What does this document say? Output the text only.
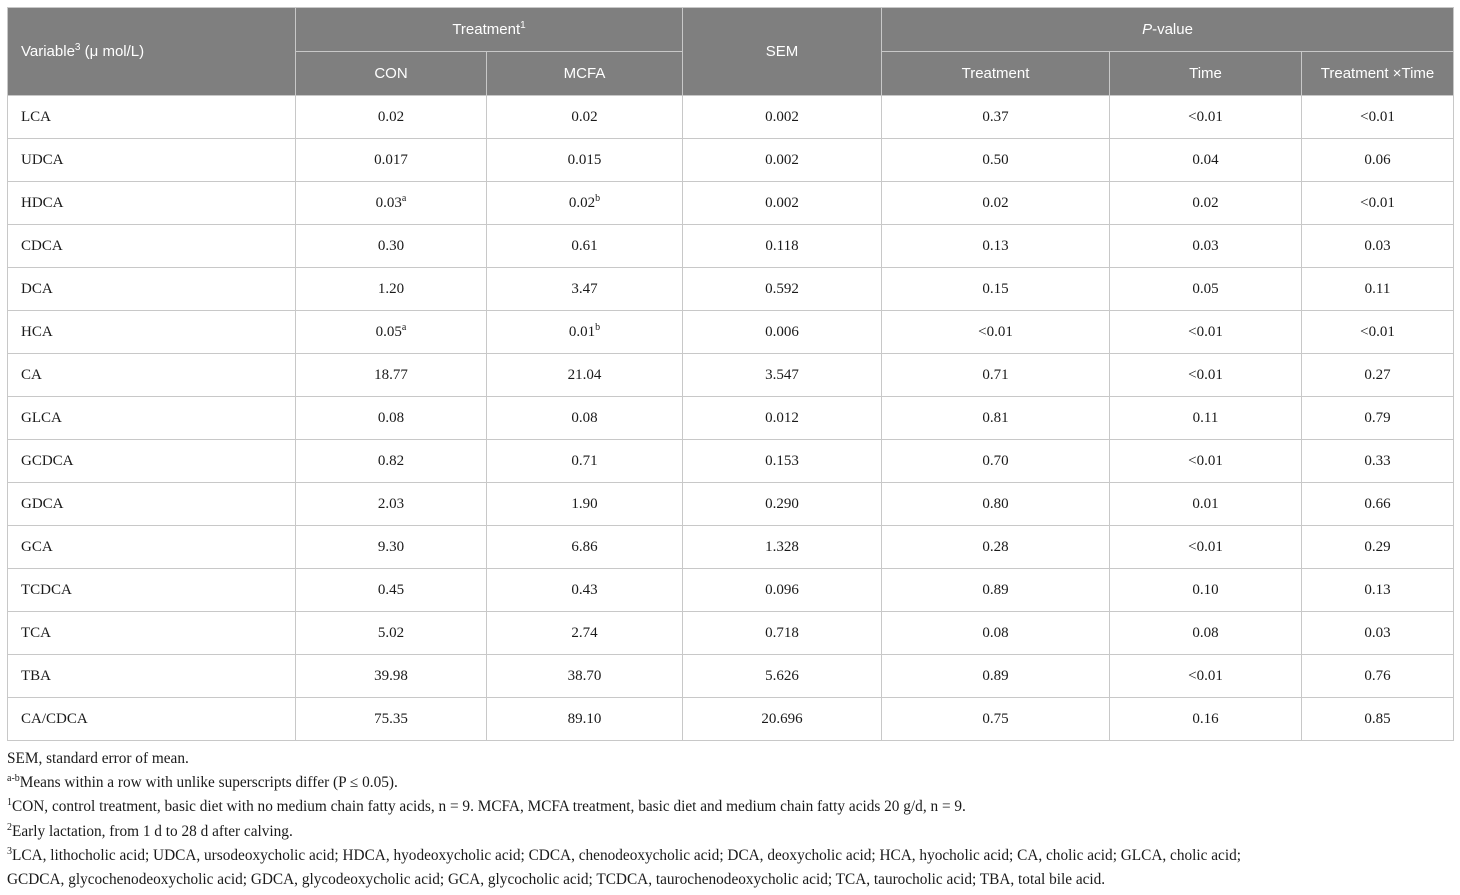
Variable$^3$ (μ mol/L)	Treatment$^1$		SEM	P-value		
	CON	MCFA		Treatment	Time	Treatment ×Time
LCA	0.02	0.02	0.002	0.37	<0.01	<0.01
UDCA	0.017	0.015	0.002	0.50	0.04	0.06
HDCA	0.03$^a$	0.02$^b$	0.002	0.02	0.02	<0.01
CDCA	0.30	0.61	0.118	0.13	0.03	0.03
DCA	1.20	3.47	0.592	0.15	0.05	0.11
HCA	0.05$^a$	0.01$^b$	0.006	<0.01	<0.01	<0.01
CA	18.77	21.04	3.547	0.71	<0.01	0.27
GLCA	0.08	0.08	0.012	0.81	0.11	0.79
GCDCA	0.82	0.71	0.153	0.70	<0.01	0.33
GDCA	2.03	1.90	0.290	0.80	0.01	0.66
GCA	9.30	6.86	1.328	0.28	<0.01	0.29
TCDCA	0.45	0.43	0.096	0.89	0.10	0.13
TCA	5.02	2.74	0.718	0.08	0.08	0.03
TBA	39.98	38.70	5.626	0.89	<0.01	0.76
CA/CDCA	75.35	89.10	20.696	0.75	0.16	0.85

SEM, standard error of mean.

$^{a-b}$Means within a row with unlike superscripts differ (P ≤ 0.05).

$^1$CON, control treatment, basic diet with no medium chain fatty acids, n = 9. MCFA, MCFA treatment, basic diet and medium chain fatty acids 20 g/d, n = 9.

$^2$Early lactation, from 1 d to 28 d after calving.

$^3$LCA, lithocholic acid; UDCA, ursodeoxycholic acid; HDCA, hyodeoxycholic acid; CDCA, chenodeoxycholic acid; DCA, deoxycholic acid; HCA, hyocholic acid; CA, cholic acid; GLCA, cholic acid;
GCDCA, glycochenodeoxycholic acid; GDCA, glycodeoxycholic acid; GCA, glycocholic acid; TCDCA, taurochenodeoxycholic acid; TCA, taurocholic acid; TBA, total bile acid.
